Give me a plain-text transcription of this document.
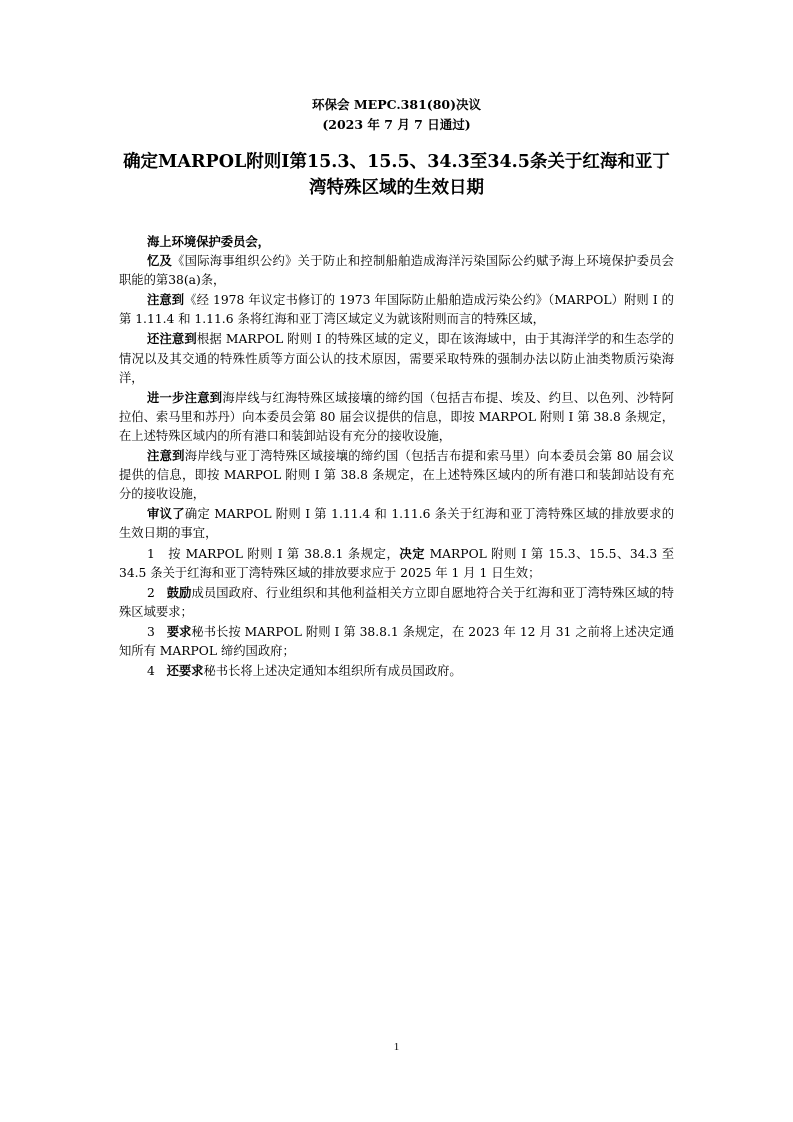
环保会 MEPC.381(80)决议
(2023 年 7 月 7 日通过)
确定MARPOL附则I第15.3、15.5、34.3至34.5条关于红海和亚丁
湾特殊区域的生效日期

海上环境保护委员会，

忆及《国际海事组织公约》关于防止和控制船舶造成海洋污染国际公约赋予海上环境保护委员会职能的第38(a)条，

注意到《经 1978 年议定书修订的 1973 年国际防止船舶造成污染公约》（MARPOL）附则 I 的第 1.11.4 和 1.11.6 条将红海和亚丁湾区域定义为就该附则而言的特殊区域，

还注意到根据 MARPOL 附则 I 的特殊区域的定义，即在该海域中，由于其海洋学的和生态学的情况以及其交通的特殊性质等方面公认的技术原因，需要采取特殊的强制办法以防止油类物质污染海洋，

进一步注意到海岸线与红海特殊区域接壤的缔约国（包括吉布提、埃及、约旦、以色列、沙特阿拉伯、索马里和苏丹）向本委员会第 80 届会议提供的信息，即按 MARPOL 附则 I 第 38.8 条规定，在上述特殊区域内的所有港口和装卸站设有充分的接收设施，

注意到海岸线与亚丁湾特殊区域接壤的缔约国（包括吉布提和索马里）向本委员会第 80 届会议提供的信息，即按 MARPOL 附则 I 第 38.8 条规定，在上述特殊区域内的所有港口和装卸站设有充分的接收设施，

审议了确定 MARPOL 附则 I 第 1.11.4 和 1.11.6 条关于红海和亚丁湾特殊区域的排放要求的生效日期的事宜，

1 按 MARPOL 附则 I 第 38.8.1 条规定，决定 MARPOL 附则 I 第 15.3、15.5、34.3 至 34.5 条关于红海和亚丁湾特殊区域的排放要求应于 2025 年 1 月 1 日生效；

2 鼓励成员国政府、行业组织和其他利益相关方立即自愿地符合关于红海和亚丁湾特殊区域的特殊区域要求；

3 要求秘书长按 MARPOL 附则 I 第 38.8.1 条规定，在 2023 年 12 月 31 之前将上述决定通知所有 MARPOL 缔约国政府；

4 还要求秘书长将上述决定通知本组织所有成员国政府。

1
